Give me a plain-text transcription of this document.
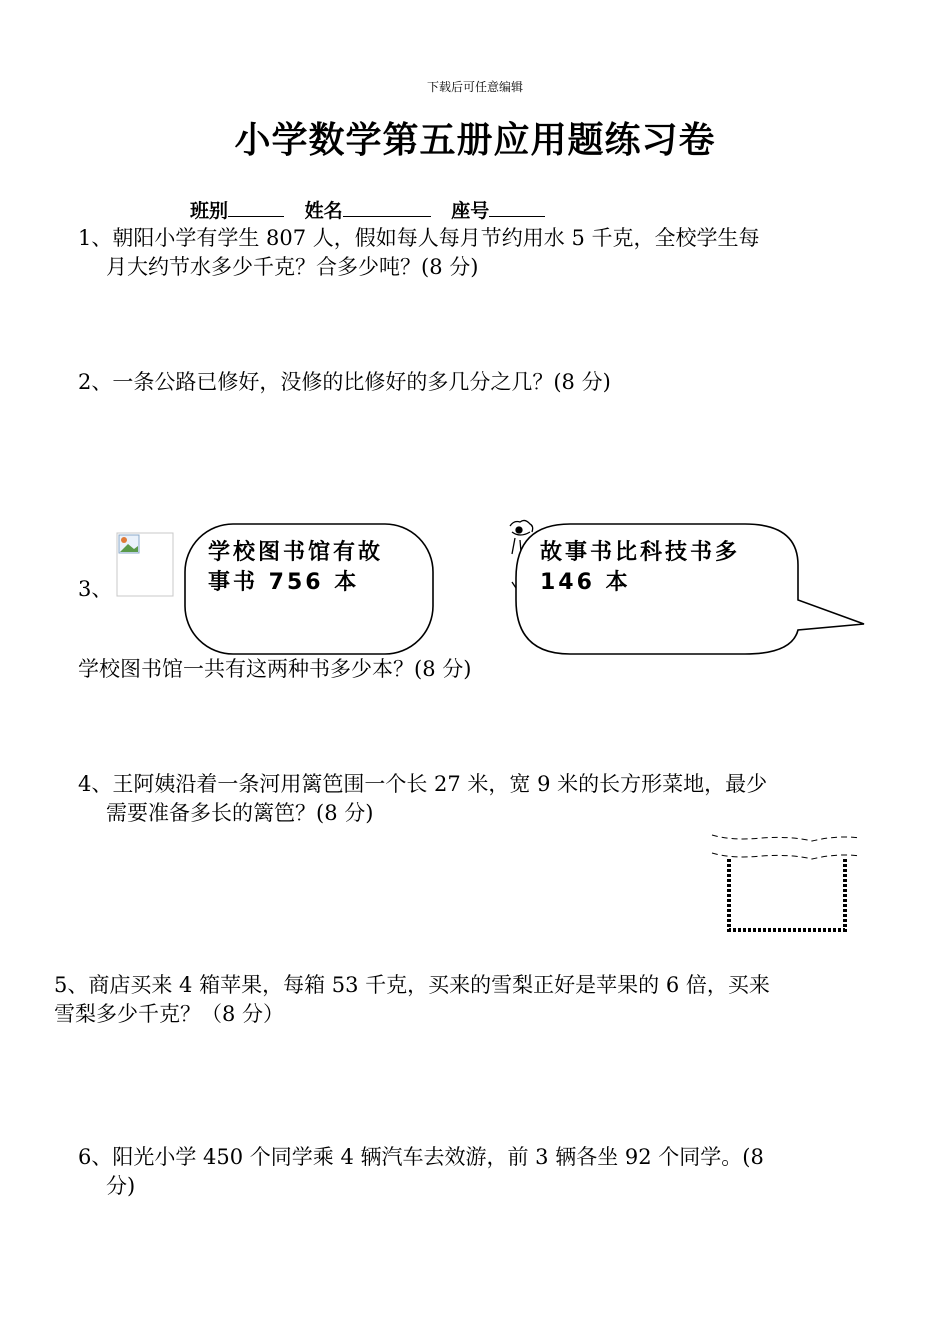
下载后可任意编辑
小学数学第五册应用题练习卷
班别	姓名	座号
1、朝阳小学有学生 807 人，假如每人每月节约用水 5 千克，全校学生每
月大约节水多少千克？合多少吨？(8 分)
2、一条公路已修好，没修的比修好的多几分之几？(8 分)
3、
学校图书馆有故
事书 756 本
故事书比科技书多
146 本
学校图书馆一共有这两种书多少本？(8 分)
4、王阿姨沿着一条河用篱笆围一个长 27 米，宽 9 米的长方形菜地，最少
需要准备多长的篱笆？(8 分)
5、商店买来 4 箱苹果，每箱 53 千克，买来的雪梨正好是苹果的 6 倍，买来
雪梨多少千克？（8 分）
6、阳光小学 450 个同学乘 4 辆汽车去效游，前 3 辆各坐 92 个同学。(8
分)
